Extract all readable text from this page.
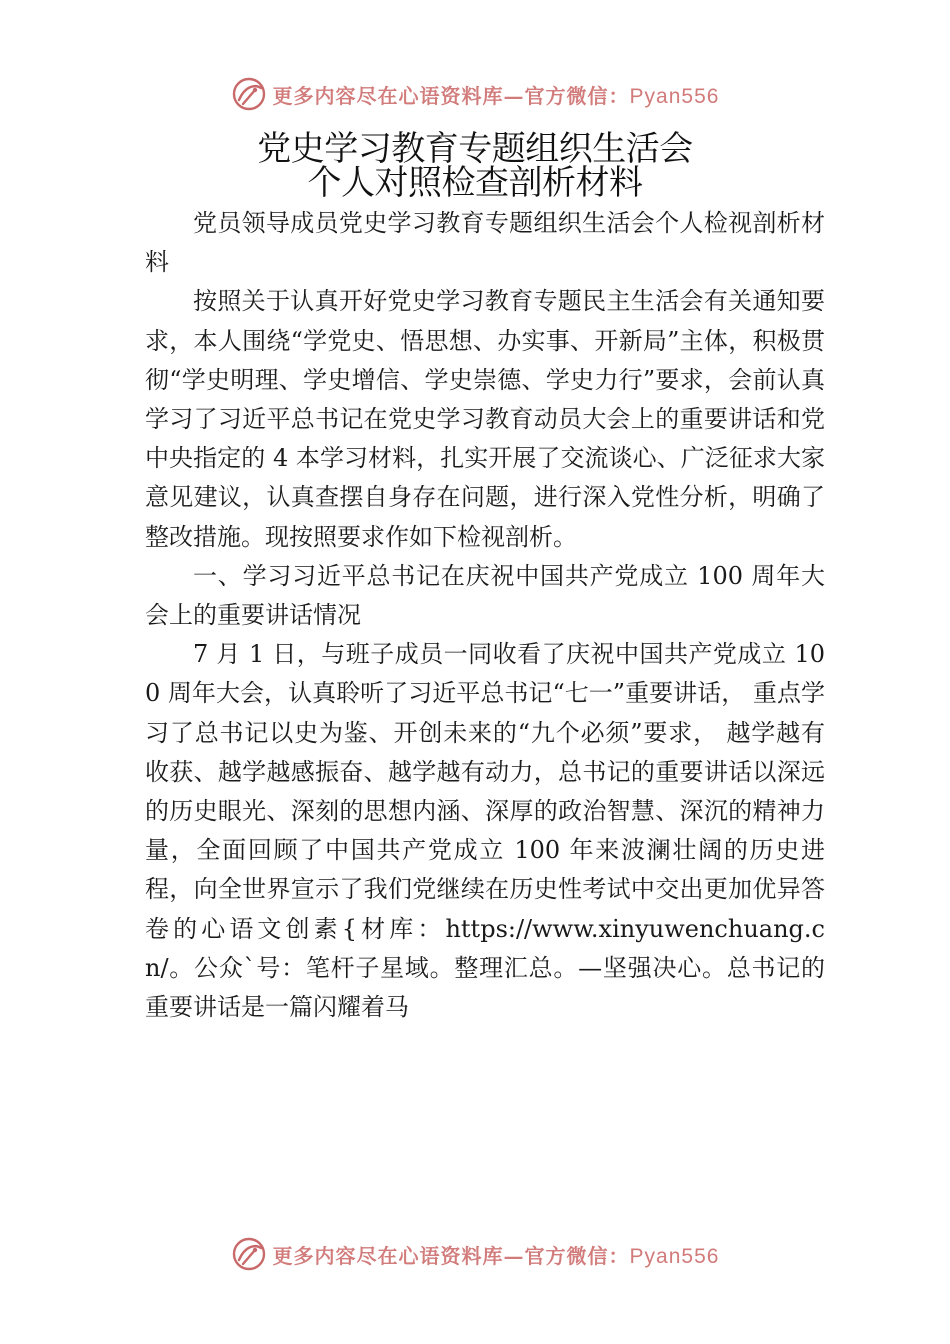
更多内容尽在心语资料库—官方微信：Pyan556
党史学习教育专题组织生活会
个人对照检查剖析材料

党员领导成员党史学习教育专题组织生活会个人检视剖析材料

按照关于认真开好党史学习教育专题民主生活会有关通知要求，本人围绕“学党史、悟思想、办实事、开新局”主体，积极贯彻“学史明理、学史增信、学史崇德、学史力行”要求，会前认真学习了习近平总书记在党史学习教育动员大会上的重要讲话和党中央指定的 4 本学习材料，扎实开展了交流谈心、广泛征求大家意见建议，认真查摆自身存在问题，进行深入党性分析，明确了整改措施。现按照要求作如下检视剖析。

一、学习习近平总书记在庆祝中国共产党成立 100 周年大会上的重要讲话情况

7 月 1 日，与班子成员一同收看了庆祝中国共产党成立 100 周年大会，认真聆听了习近平总书记“七一”重要讲话， 重点学习了总书记以史为鉴、开创未来的“九个必须”要求， 越学越有收获、越学越感振奋、越学越有动力，总书记的重要讲话以深远的历史眼光、深刻的思想内涵、深厚的政治智慧、深沉的精神力量，全面回顾了中国共产党成立 100 年来波澜壮阔的历史进程，向全世界宣示了我们党继续在历史性考试中交出更加优异答卷的心语文创素{材库：https://www.xinyuwenchuang.cn/。公众`号：笔杆子星域。整理汇总。—坚强决心。总书记的重要讲话是一篇闪耀着马

更多内容尽在心语资料库—官方微信：Pyan556
